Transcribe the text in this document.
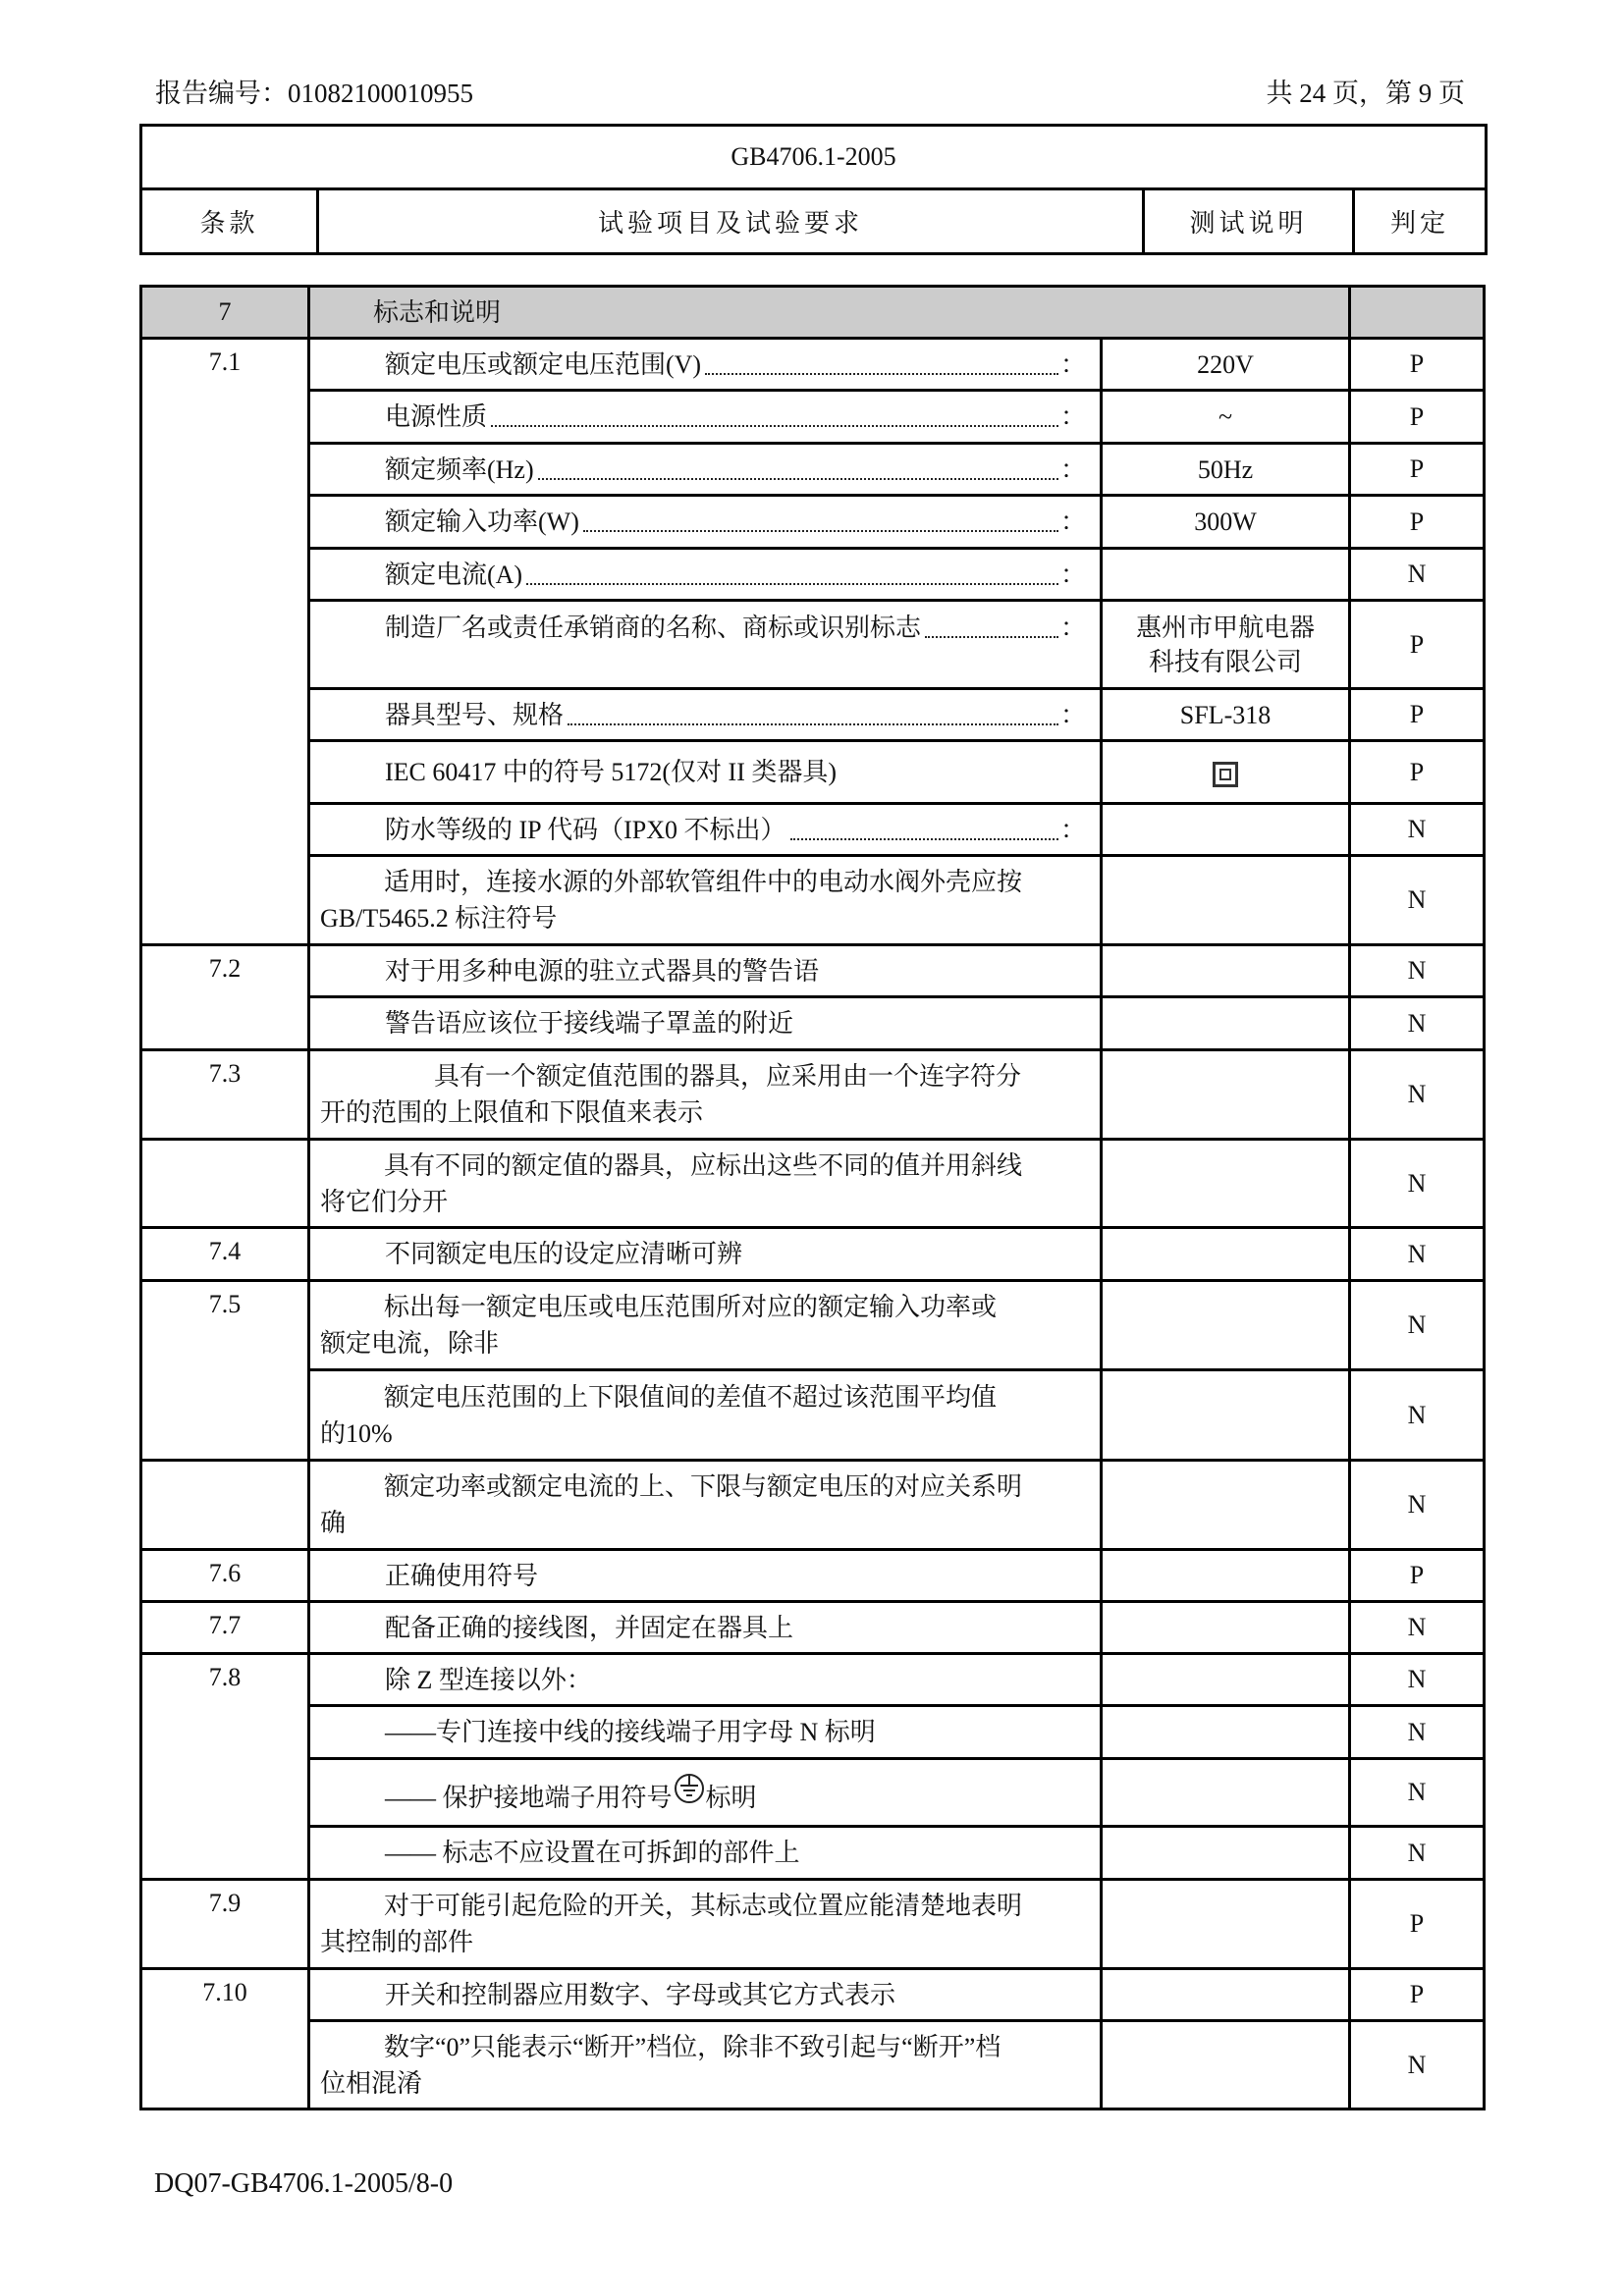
报告编号：01082100010955	共 24 页，第 9 页
GB4706.1-2005
条款	试验项目及试验要求	测试说明	判定
7	标志和说明		
7.1	额定电压或额定电压范围(V) ：	220V	P

	电源性质 ：	~	P

	额定频率(Hz) ：	50Hz	P

	额定输入功率(W) ：	300W	P

	额定电流(A) ：		N

	制造厂名或责任承销商的名称、商标或识别标志 ：	惠州市甲航电器
科技有限公司	P

	器具型号、规格 ：	SFL-318	P
	IEC 60417 中的符号 5172(仅对 II 类器具)		P

	防水等级的 IP 代码（IPX0 不标出） ：		N

	适用时，连接水源的外部软管组件中的电动水阀外壳应按
GB/T5465.2 标注符号		N
7.2	对于用多种电源的驻立式器具的警告语		N
	警告语应该位于接线端子罩盖的附近		N
7.3	具有一个额定值范围的器具，应采用由一个连字符分
开的范围的上限值和下限值来表示		N

	具有不同的额定值的器具，应标出这些不同的值并用斜线
将它们分开		N
7.4	不同额定电压的设定应清晰可辨		N
7.5	标出每一额定电压或电压范围所对应的额定输入功率或
额定电流，除非		N

	额定电压范围的上下限值间的差值不超过该范围平均值
的10%		N

	额定功率或额定电流的上、下限与额定电压的对应关系明
确		N
7.6	正确使用符号		P
7.7	配备正确的接线图，并固定在器具上		N
7.8	除 Z 型连接以外：		N
	——专门连接中线的接线端子用字母 N 标明		N
	—— 保护接地端子用符号 标明		N
	—— 标志不应设置在可拆卸的部件上		N
7.9	对于可能引起危险的开关，其标志或位置应能清楚地表明
其控制的部件		P
7.10	开关和控制器应用数字、字母或其它方式表示		P

	数字“0”只能表示“断开”档位，除非不致引起与“断开”档
位相混淆		N
DQ07-GB4706.1-2005/8-0
